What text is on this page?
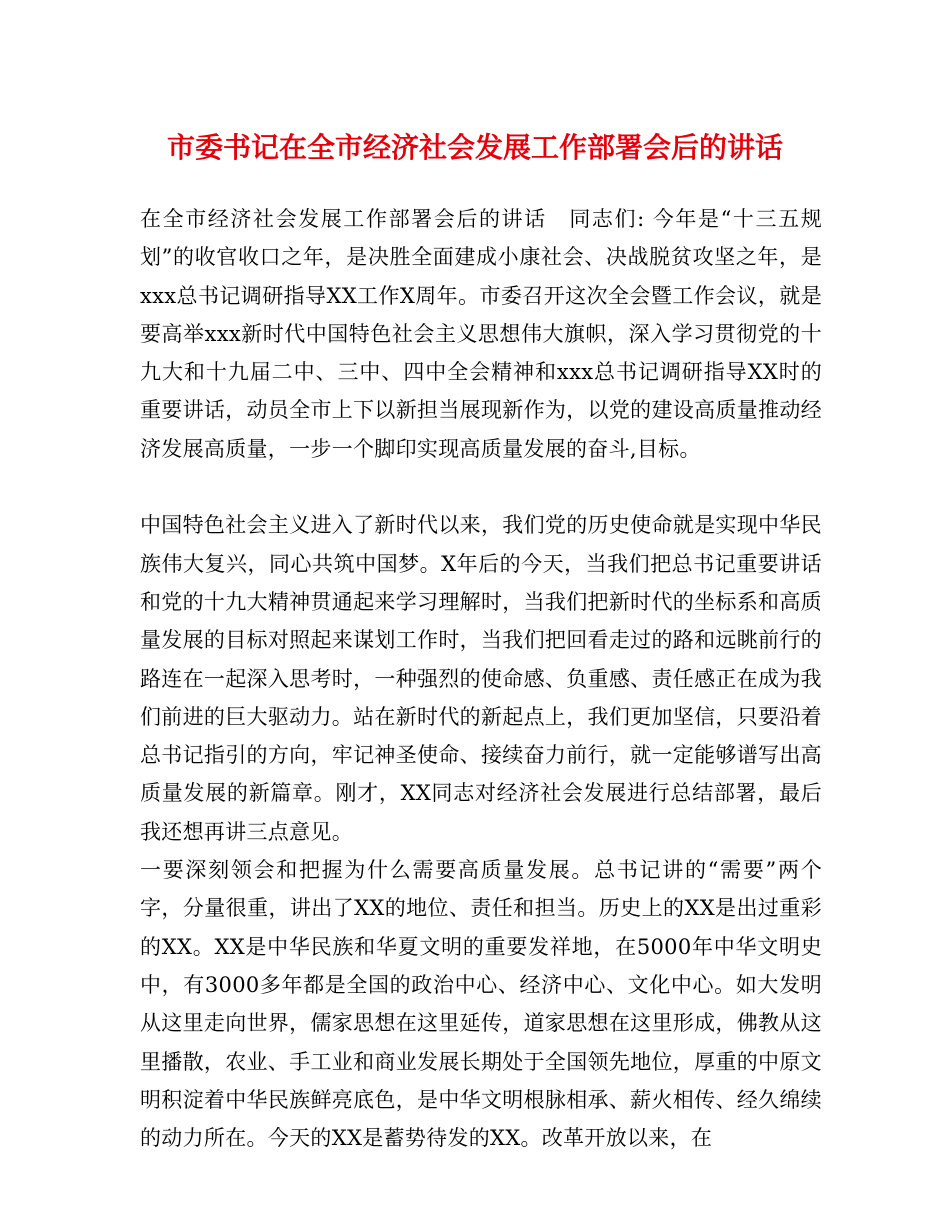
市委书记在全市经济社会发展工作部署会后的讲话

在全市经济社会发展工作部署会后的讲话　同志们: 今年是“十三五规划”的收官收口之年，是决胜全面建成小康社会、决战脱贫攻坚之年，是xxx总书记调研指导XX工作X周年。市委召开这次全会暨工作会议，就是要高举xxx新时代中国特色社会主义思想伟大旗帜，深入学习贯彻党的十九大和十九届二中、三中、四中全会精神和xxx总书记调研指导XX时的重要讲话，动员全市上下以新担当展现新作为，以党的建设高质量推动经济发展高质量，一步一个脚印实现高质量发展的奋斗,目标。

中国特色社会主义进入了新时代以来，我们党的历史使命就是实现中华民族伟大复兴，同心共筑中国梦。X年后的今天，当我们把总书记重要讲话和党的十九大精神贯通起来学习理解时，当我们把新时代的坐标系和高质量发展的目标对照起来谋划工作时，当我们把回看走过的路和远眺前行的路连在一起深入思考时，一种强烈的使命感、负重感、责任感正在成为我们前进的巨大驱动力。站在新时代的新起点上，我们更加坚信，只要沿着总书记指引的方向，牢记神圣使命、接续奋力前行，就一定能够谱写出高质量发展的新篇章。刚才，XX同志对经济社会发展进行总结部署，最后我还想再讲三点意见。

一要深刻领会和把握为什么需要高质量发展。总书记讲的“需要”两个字，分量很重，讲出了XX的地位、责任和担当。历史上的XX是出过重彩的XX。XX是中华民族和华夏文明的重要发祥地，在5000年中华文明史中，有3000多年都是全国的政治中心、经济中心、文化中心。如大发明从这里走向世界，儒家思想在这里延传，道家思想在这里形成，佛教从这里播散，农业、手工业和商业发展长期处于全国领先地位，厚重的中原文明积淀着中华民族鲜亮底色，是中华文明根脉相承、薪火相传、经久绵续的动力所在。今天的XX是蓄势待发的XX。改革开放以来，在
